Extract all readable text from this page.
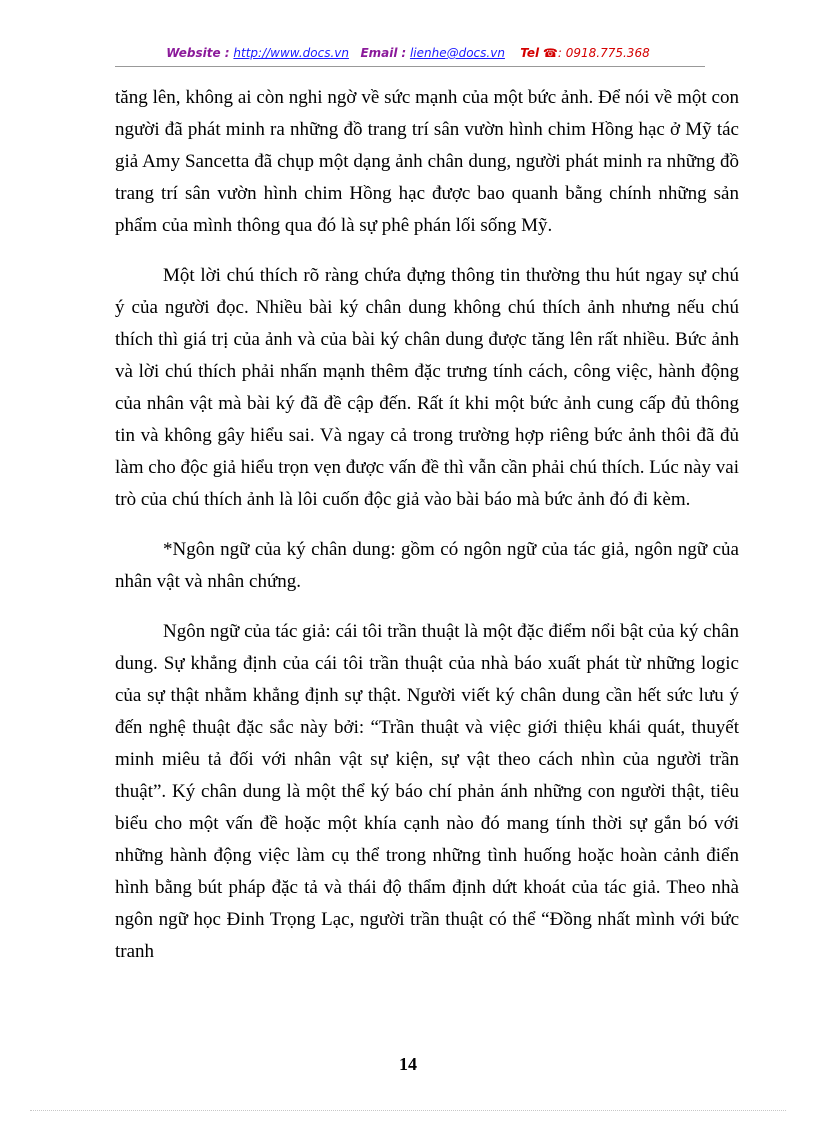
Website : http://www.docs.vn Email : lienhe@docs.vn Tel ☎: 0918.775.368

tăng lên, không ai còn nghi ngờ về sức mạnh của một bức ảnh. Để nói về một con người đã phát minh ra những đồ trang trí sân vườn hình chim Hồng hạc ở Mỹ tác giả Amy Sancetta đã chụp một dạng ảnh chân dung, người phát minh ra những đồ trang trí sân vườn hình chim Hồng hạc được bao quanh bằng chính những sản phẩm của mình thông qua đó là sự phê phán lối sống Mỹ.

Một lời chú thích rõ ràng chứa đựng thông tin thường thu hút ngay sự chú ý của người đọc. Nhiều bài ký chân dung không chú thích ảnh nhưng nếu chú thích thì giá trị của ảnh và của bài ký chân dung được tăng lên rất nhiều. Bức ảnh và lời chú thích phải nhấn mạnh thêm đặc trưng tính cách, công việc, hành động của nhân vật mà bài ký đã đề cập đến. Rất ít khi một bức ảnh cung cấp đủ thông tin và không gây hiểu sai. Và ngay cả trong trường hợp riêng bức ảnh thôi đã đủ làm cho độc giả hiểu trọn vẹn được vấn đề thì vẫn cần phải chú thích. Lúc này vai trò của chú thích ảnh là lôi cuốn độc giả vào bài báo mà bức ảnh đó đi kèm.

*Ngôn ngữ của ký chân dung: gồm có ngôn ngữ của tác giả, ngôn ngữ của nhân vật và nhân chứng.

Ngôn ngữ của tác giả: cái tôi trần thuật là một đặc điểm nổi bật của ký chân dung. Sự khẳng định của cái tôi trần thuật của nhà báo xuất phát từ những logic của sự thật nhằm khẳng định sự thật. Người viết ký chân dung cần hết sức lưu ý đến nghệ thuật đặc sắc này bởi: “Trần thuật và việc giới thiệu khái quát, thuyết minh miêu tả đối với nhân vật sự kiện, sự vật theo cách nhìn của người trần thuật”. Ký chân dung là một thể ký báo chí phản ánh những con người thật, tiêu biểu cho một vấn đề hoặc một khía cạnh nào đó mang tính thời sự gắn bó với những hành động việc làm cụ thể trong những tình huống hoặc hoàn cảnh điển hình bằng bút pháp đặc tả và thái độ thẩm định dứt khoát của tác giả. Theo nhà ngôn ngữ học Đinh Trọng Lạc, người trần thuật có thể “Đồng nhất mình với bức tranh

14
